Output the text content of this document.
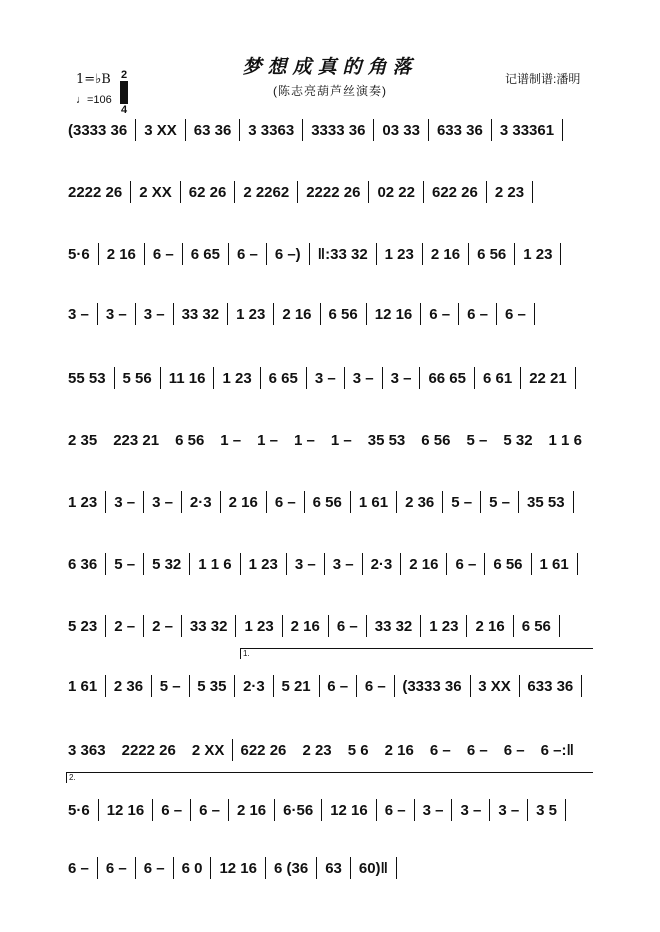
梦想成真的角落
(陈志亮葫芦丝演奏)
记谱制谱:潘明
1=♭B 2
4
♩=106
(3333 36 3 XX 63 36 3 3363 3333 36 03 33 633 36 3 33361
2222 26 2 XX 62 26 2 2262 2222 26 02 22 622 26 2 23
5·6 2 16 6 – 6 65 6 – 6 –) ‖:33 32 1 23 2 16 6 56 1 23
3 – 3 – 3 – 33 32 1 23 2 16 6 56 12 16 6 – 6 – 6 –
55 53 5 56 11 16 1 23 6 65 3 – 3 – 3 – 66 65 6 61 22 21
2 35 223 21 6 56 1 – 1 – 1 – 1 – 35 53 6 56 5 – 5 32 1 1 6
1 23 3 – 3 – 2·3 2 16 6 – 6 56 1 61 2 36 5 – 5 – 35 53
6 36 5 – 5 32 1 1 6 1 23 3 – 3 – 2·3 2 16 6 – 6 56 1 61
5 23 2 – 2 – 33 32 1 23 2 16 6 – 33 32 1 23 2 16 6 56
1 61 2 36 5 – 5 35 2·3 5 21 6 – 6 – (3333 36 3 XX 633 36
3 363 2222 26 2 XX 622 26 2 23 5 6 2 16 6 – 6 – 6 – 6 –:‖
5·6 12 16 6 – 6 – 2 16 6·56 12 16 6 – 3 – 3 – 3 – 3 5
6 – 6 – 6 – 6 0 12 16 6 (36 63 60)‖
1.
2.
